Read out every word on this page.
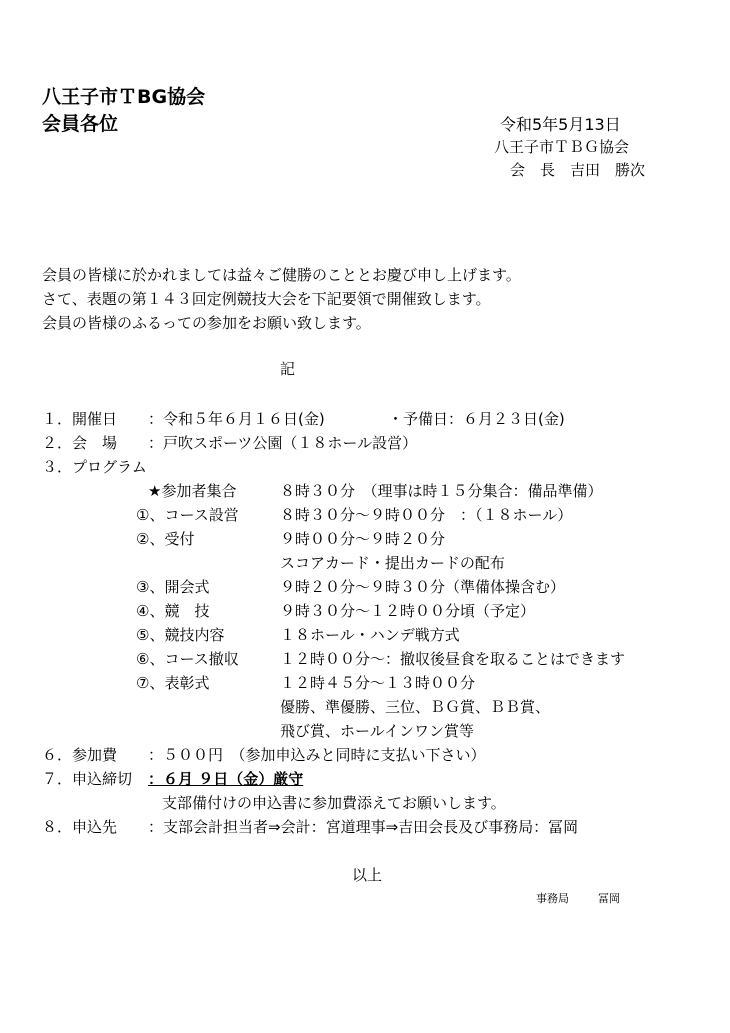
八王子市ＴBG協会
会員各位	令和5年5月13日
八王子市ＴＢＧ協会
会　長　吉田　勝次
会員の皆様に於かれましては益々ご健勝のこととお慶び申し上げます。
さて、表題の第１４３回定例競技大会を下記要領で開催致します。
会員の皆様のふるっての参加をお願い致します。
記
１．開催日 ：令和５年６月１６日(金)	・予備日：６月２３日(金)
２．会　場 ：戸吹スポーツ公園（１８ホール設営）
３．プログラム
★参加者集合	８時３０分　（理事は時１５分集合：備品準備）
①、コース設営	８時３０分～９時００分　：（１８ホール）
②、受付	９時００分～９時２０分
スコアカード・提出カードの配布
③、開会式	９時２０分～９時３０分（準備体操含む）
④、競　技	９時３０分～１２時００分頃（予定）
⑤、競技内容	１８ホール・ハンデ戦方式
⑥、コース撤収	１２時００分～：撤収後昼食を取ることはできます
⑦、表彰式	１２時４５分～１３時００分
優勝、準優勝、三位、ＢＧ賞、ＢＢ賞、
飛び賞、ホールインワン賞等
６．参加費 ：５００円　（参加申込みと同時に支払い下さい）
７．申込締切 ：６月 ９日（金）厳守
支部備付けの申込書に参加費添えてお願いします。
８．申込先 ：支部会計担当者⇒会計：宮道理事⇒吉田会長及び事務局：冨岡
以上
事務局	冨岡
